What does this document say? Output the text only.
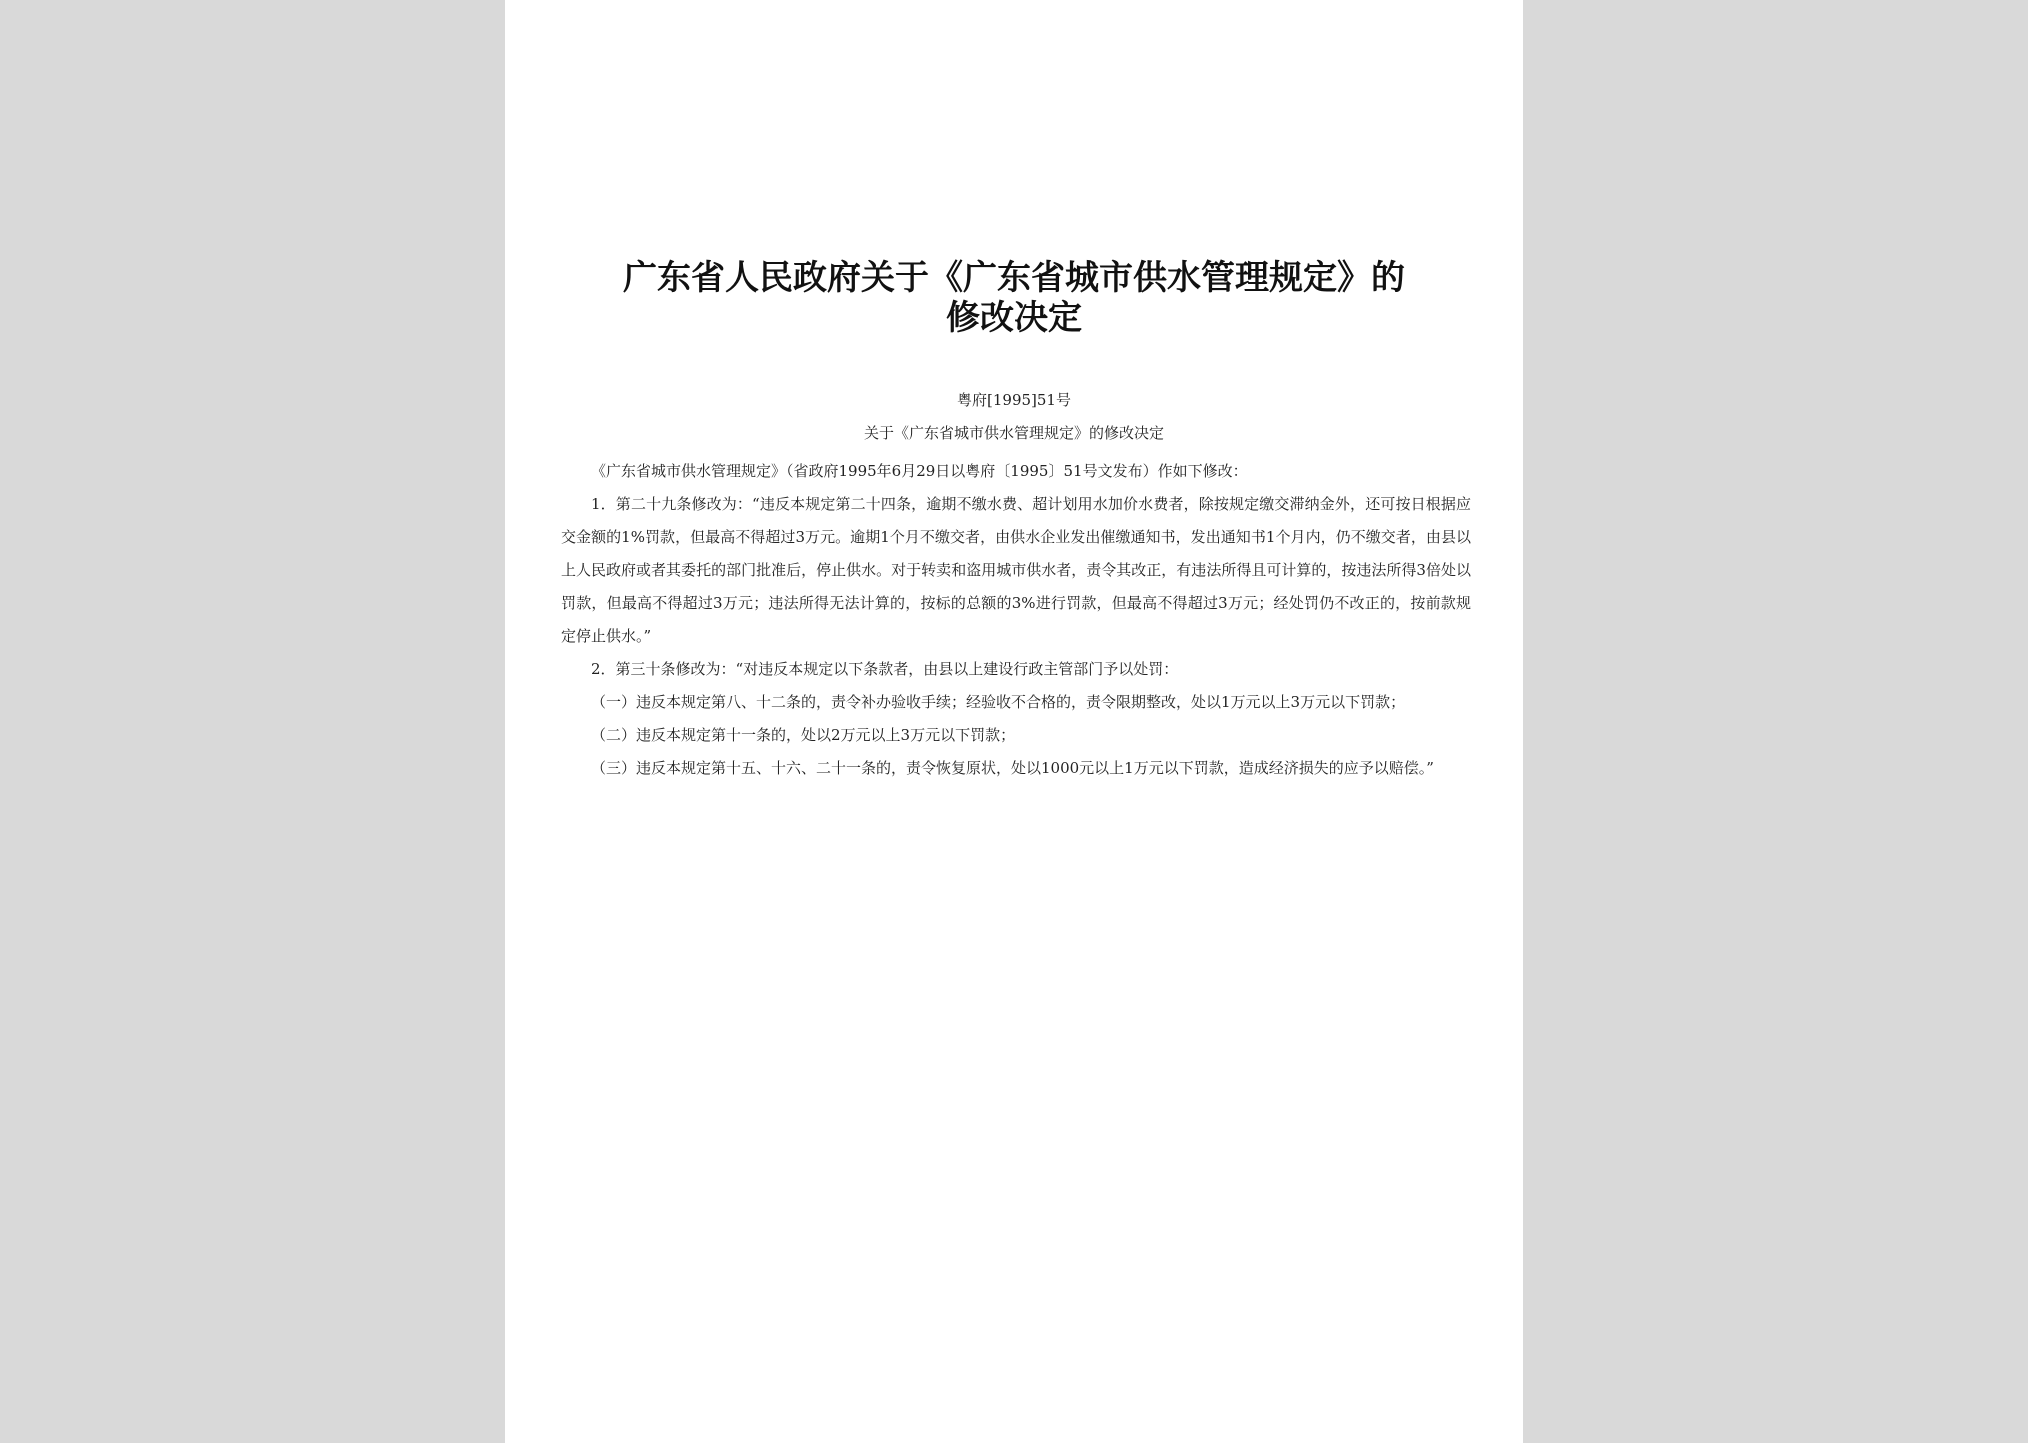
广东省人民政府关于《广东省城市供水管理规定》的
修改决定
粤府[1995]51号
关于《广东省城市供水管理规定》的修改决定

《广东省城市供水管理规定》（省政府1995年6月29日以粤府〔1995〕51号文发布）作如下修改：

1．第二十九条修改为：“违反本规定第二十四条，逾期不缴水费、超计划用水加价水费者，除按规定缴交滞纳金外，还可按日根据应交金额的1%罚款，但最高不得超过3万元。逾期1个月不缴交者，由供水企业发出催缴通知书，发出通知书1个月内，仍不缴交者，由县以上人民政府或者其委托的部门批准后，停止供水。对于转卖和盗用城市供水者，责令其改正，有违法所得且可计算的，按违法所得3倍处以罚款，但最高不得超过3万元；违法所得无法计算的，按标的总额的3%进行罚款，但最高不得超过3万元；经处罚仍不改正的，按前款规定停止供水。”

2．第三十条修改为：“对违反本规定以下条款者，由县以上建设行政主管部门予以处罚：

（一）违反本规定第八、十二条的，责令补办验收手续；经验收不合格的，责令限期整改，处以1万元以上3万元以下罚款；

（二）违反本规定第十一条的，处以2万元以上3万元以下罚款；

（三）违反本规定第十五、十六、二十一条的，责令恢复原状，处以1000元以上1万元以下罚款，造成经济损失的应予以赔偿。”
